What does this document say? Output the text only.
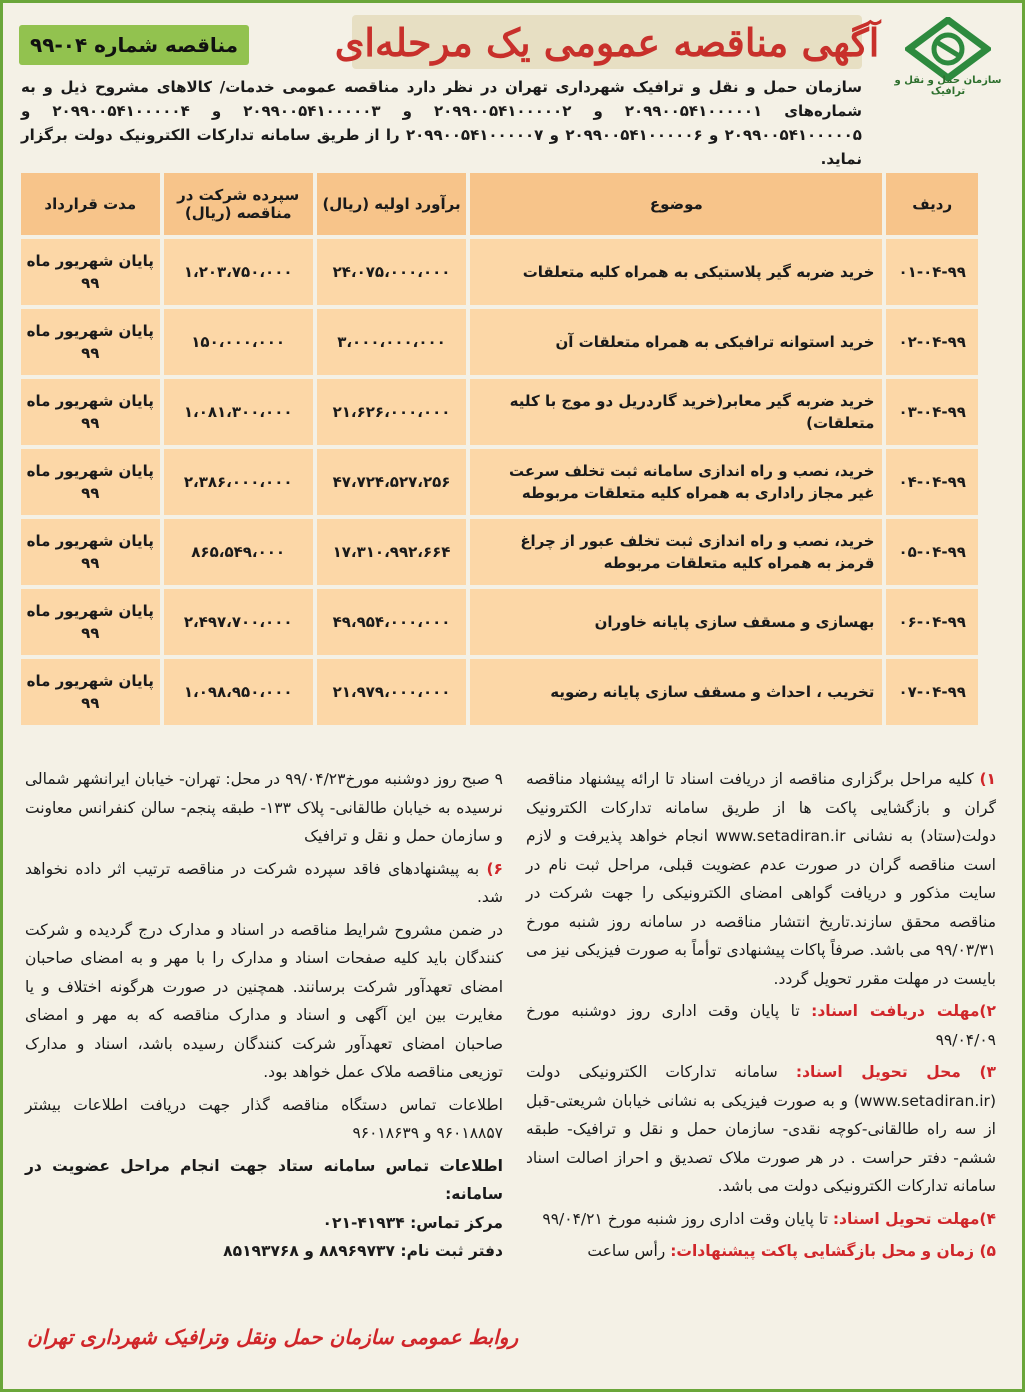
سازمان حمل و نقل و ترافیک
آگهی مناقصه عمومی یک مرحله‌ای
مناقصه شماره ۰۴-۹۹
سازمان حمل و نقل و ترافیک شهرداری تهران در نظر دارد مناقصه عمومی خدمات/ کالاهای مشروح ذیل و به شماره‌های ۲۰۹۹۰۰۵۴۱۰۰۰۰۰۱ و ۲۰۹۹۰۰۵۴۱۰۰۰۰۰۲ و ۲۰۹۹۰۰۵۴۱۰۰۰۰۰۳ و ۲۰۹۹۰۰۵۴۱۰۰۰۰۰۴ و ۲۰۹۹۰۰۵۴۱۰۰۰۰۰۵ و ۲۰۹۹۰۰۵۴۱۰۰۰۰۰۶ و ۲۰۹۹۰۰۵۴۱۰۰۰۰۰۷ را از طریق سامانه تدارکات الکترونیک دولت برگزار نماید.
ردیف	موضوع	برآورد اولیه (ریال)	سپرده شرکت در مناقصه (ریال)	مدت قرارداد
۰۱-۰۴-۹۹	خرید ضربه گیر پلاستیکی به همراه کلیه متعلقات	۲۴،۰۷۵،۰۰۰،۰۰۰	۱،۲۰۳،۷۵۰،۰۰۰	پایان شهریور ماه ۹۹
۰۲-۰۴-۹۹	خرید استوانه ترافیکی به همراه متعلقات آن	۳،۰۰۰،۰۰۰،۰۰۰	۱۵۰،۰۰۰،۰۰۰	پایان شهریور ماه ۹۹
۰۳-۰۴-۹۹	خرید ضربه گیر معابر(خرید گاردریل دو موج با کلیه متعلقات)	۲۱،۶۲۶،۰۰۰،۰۰۰	۱،۰۸۱،۳۰۰،۰۰۰	پایان شهریور ماه ۹۹
۰۴-۰۴-۹۹	خرید، نصب و راه اندازی سامانه ثبت تخلف سرعت غیر مجاز راداری به همراه کلیه متعلقات مربوطه	۴۷،۷۲۴،۵۲۷،۲۵۶	۲،۳۸۶،۰۰۰،۰۰۰	پایان شهریور ماه ۹۹
۰۵-۰۴-۹۹	خرید، نصب و راه اندازی ثبت تخلف عبور از چراغ قرمز به همراه کلیه متعلقات مربوطه	۱۷،۳۱۰،۹۹۲،۶۶۴	۸۶۵،۵۴۹،۰۰۰	پایان شهریور ماه ۹۹
۰۶-۰۴-۹۹	بهسازی و مسقف سازی پایانه خاوران	۴۹،۹۵۴،۰۰۰،۰۰۰	۲،۴۹۷،۷۰۰،۰۰۰	پایان شهریور ماه ۹۹
۰۷-۰۴-۹۹	تخریب ، احداث و مسقف سازی پایانه رضویه	۲۱،۹۷۹،۰۰۰،۰۰۰	۱،۰۹۸،۹۵۰،۰۰۰	پایان شهریور ماه ۹۹

۱) کلیه مراحل برگزاری مناقصه از دریافت اسناد تا ارائه پیشنهاد مناقصه گران و بازگشایی پاکت ها از طریق سامانه تدارکات الکترونیک دولت(ستاد) به نشانی www.setadiran.ir انجام خواهد پذیرفت و لازم است مناقصه گران در صورت عدم عضویت قبلی، مراحل ثبت نام در سایت مذکور و دریافت گواهی امضای الکترونیکی را جهت شرکت در مناقصه محقق سازند.تاریخ انتشار مناقصه در سامانه روز شنبه مورخ ۹۹/۰۳/۳۱ می باشد. صرفاً پاکات پیشنهادی توأماً به صورت فیزیکی نیز می بایست در مهلت مقرر تحویل گردد.

۲)مهلت دریافت اسناد: تا پایان وقت اداری روز دوشنبه مورخ ۹۹/۰۴/۰۹

۳) محل تحویل اسناد: سامانه تدارکات الکترونیکی دولت (www.setadiran.ir) و به صورت فیزیکی به نشانی خیابان شریعتی-قبل از سه راه طالقانی-کوچه نقدی- سازمان حمل و نقل و ترافیک- طبقه ششم- دفتر حراست . در هر صورت ملاک تصدیق و احراز اصالت اسناد سامانه تدارکات الکترونیکی دولت می باشد.

۴)مهلت تحویل اسناد: تا پایان وقت اداری روز شنبه مورخ ۹۹/۰۴/۲۱

۵) زمان و محل بازگشایی پاکت پیشنهادات: رأس ساعت

۹ صبح روز دوشنبه مورخ۹۹/۰۴/۲۳ در محل: تهران- خیابان ایرانشهر شمالی نرسیده به خیابان طالقانی- پلاک ۱۳۳- طبقه پنجم- سالن کنفرانس معاونت و سازمان حمل و نقل و ترافیک

۶) به پیشنهادهای فاقد سپرده شرکت در مناقصه ترتیب اثر داده نخواهد شد.

در ضمن مشروح شرایط مناقصه در اسناد و مدارک درج گردیده و شرکت کنندگان باید کلیه صفحات اسناد و مدارک را با مهر و به امضای صاحبان امضای تعهدآور شرکت برسانند. همچنین در صورت هرگونه اختلاف و یا مغایرت بین این آگهی و اسناد و مدارک مناقصه که به مهر و امضای صاحبان امضای تعهدآور شرکت کنندگان رسیده باشد، اسناد و مدارک توزیعی مناقصه ملاک عمل خواهد بود.

اطلاعات تماس دستگاه مناقصه گذار جهت دریافت اطلاعات بیشتر ۹۶۰۱۸۸۵۷ و ۹۶۰۱۸۶۳۹

اطلاعات تماس سامانه ستاد جهت انجام مراحل عضویت در سامانه:

مرکز تماس: ۴۱۹۳۴-۰۲۱

دفتر ثبت نام: ۸۸۹۶۹۷۳۷ و ۸۵۱۹۳۷۶۸

روابط عمومی سازمان حمل ونقل وترافیک شهرداری تهران
